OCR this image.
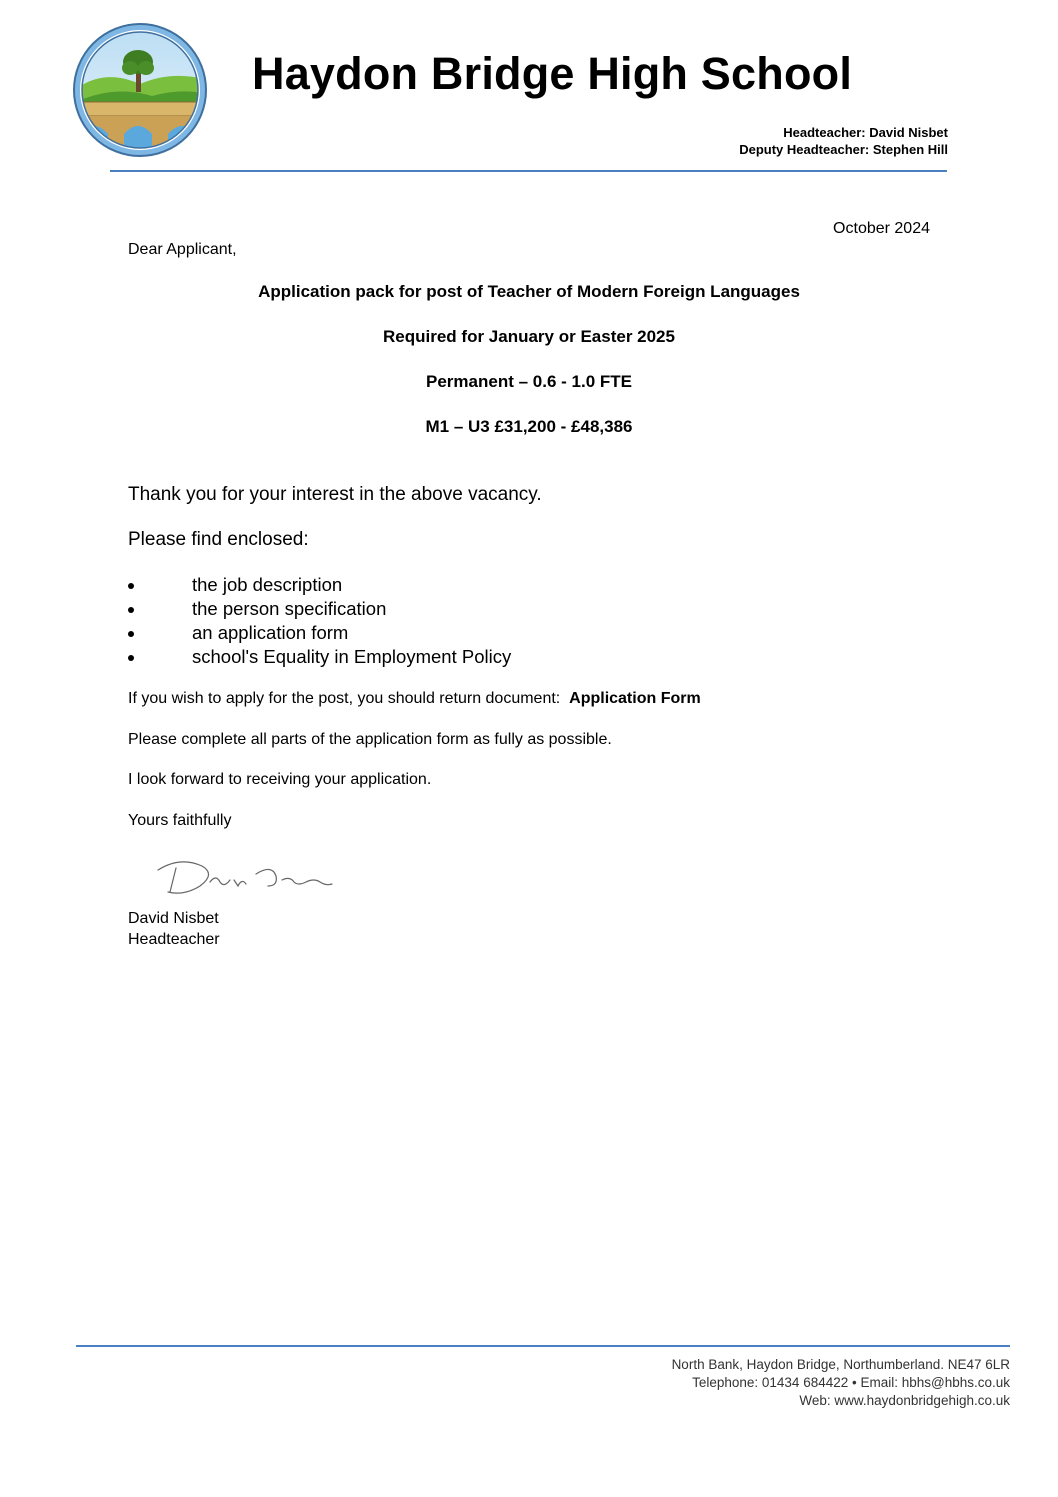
Haydon Bridge High School
Headteacher: David Nisbet
Deputy Headteacher: Stephen Hill
October 2024
Dear Applicant,
Application pack for post of Teacher of Modern Foreign Languages
Required for January or Easter 2025
Permanent – 0.6 - 1.0 FTE
M1 – U3 £31,200 - £48,386
Thank you for your interest in the above vacancy.
Please find enclosed:
the job description
the person specification
an application form
school's Equality in Employment Policy
If you wish to apply for the post, you should return document: Application Form
Please complete all parts of the application form as fully as possible.
I look forward to receiving your application.
Yours faithfully
David Nisbet
Headteacher
North Bank, Haydon Bridge, Northumberland. NE47 6LR
Telephone: 01434 684422 • Email: hbhs@hbhs.co.uk
Web: www.haydonbridgehigh.co.uk
